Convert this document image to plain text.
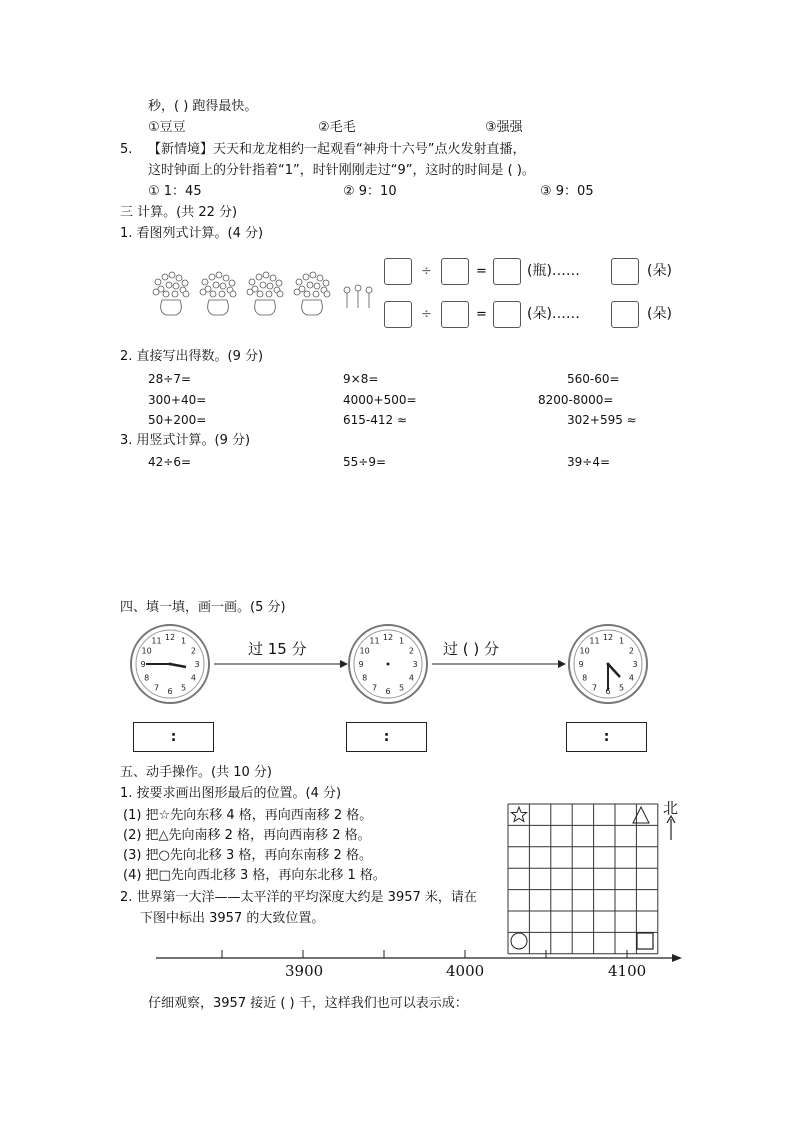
秒，( ) 跑得最快。
①豆豆	②毛毛	③强强
5. 【新情境】 天天和龙龙相约一起观看“神舟十六号”点火发射直播，
这时钟面上的分针指着“1”，时针刚刚走过“9”，这时的时间是 ( )。
① 1：45	② 9：10	③ 9：05
三 计算。(共 22 分)
1. 看图列式计算。(4 分)
÷	=	(瓶)……	(朵)
÷	=	(朵)……	(朵)
2. 直接写出得数。(9 分)
28÷7=	9×8=	560-60=
300+40=	4000+500=	8200-8000=
50+200=	615-412 ≈	302+595 ≈
3. 用竖式计算。(9 分)
42÷6=	55÷9=	39÷4=
四、填一填，画一画。(5 分)
12 1
2
3
4
5
6
7
8
9
10
11	12 1
2
3
4
5
6
7
8
9
10
11	12 1
2
3
4
5
6
7
8
9
10
11
过 15 分	过 ( ) 分
:	:	:
五、动手操作。(共 10 分)
1. 按要求画出图形最后的位置。(4 分)
(1) 把☆先向东移 4 格，再向西南移 2 格。
(2) 把△先向南移 2 格，再向西南移 2 格。
(3) 把○先向北移 3 格，再向东南移 2 格。
(4) 把□先向西北移 3 格，再向东北移 1 格。
2. 世界第一大洋——太平洋的平均深度大约是 3957 米，请在
下图中标出 3957 的大致位置。
北
3900	4000	4100
仔细观察，3957 接近 ( ) 千，这样我们也可以表示成：
